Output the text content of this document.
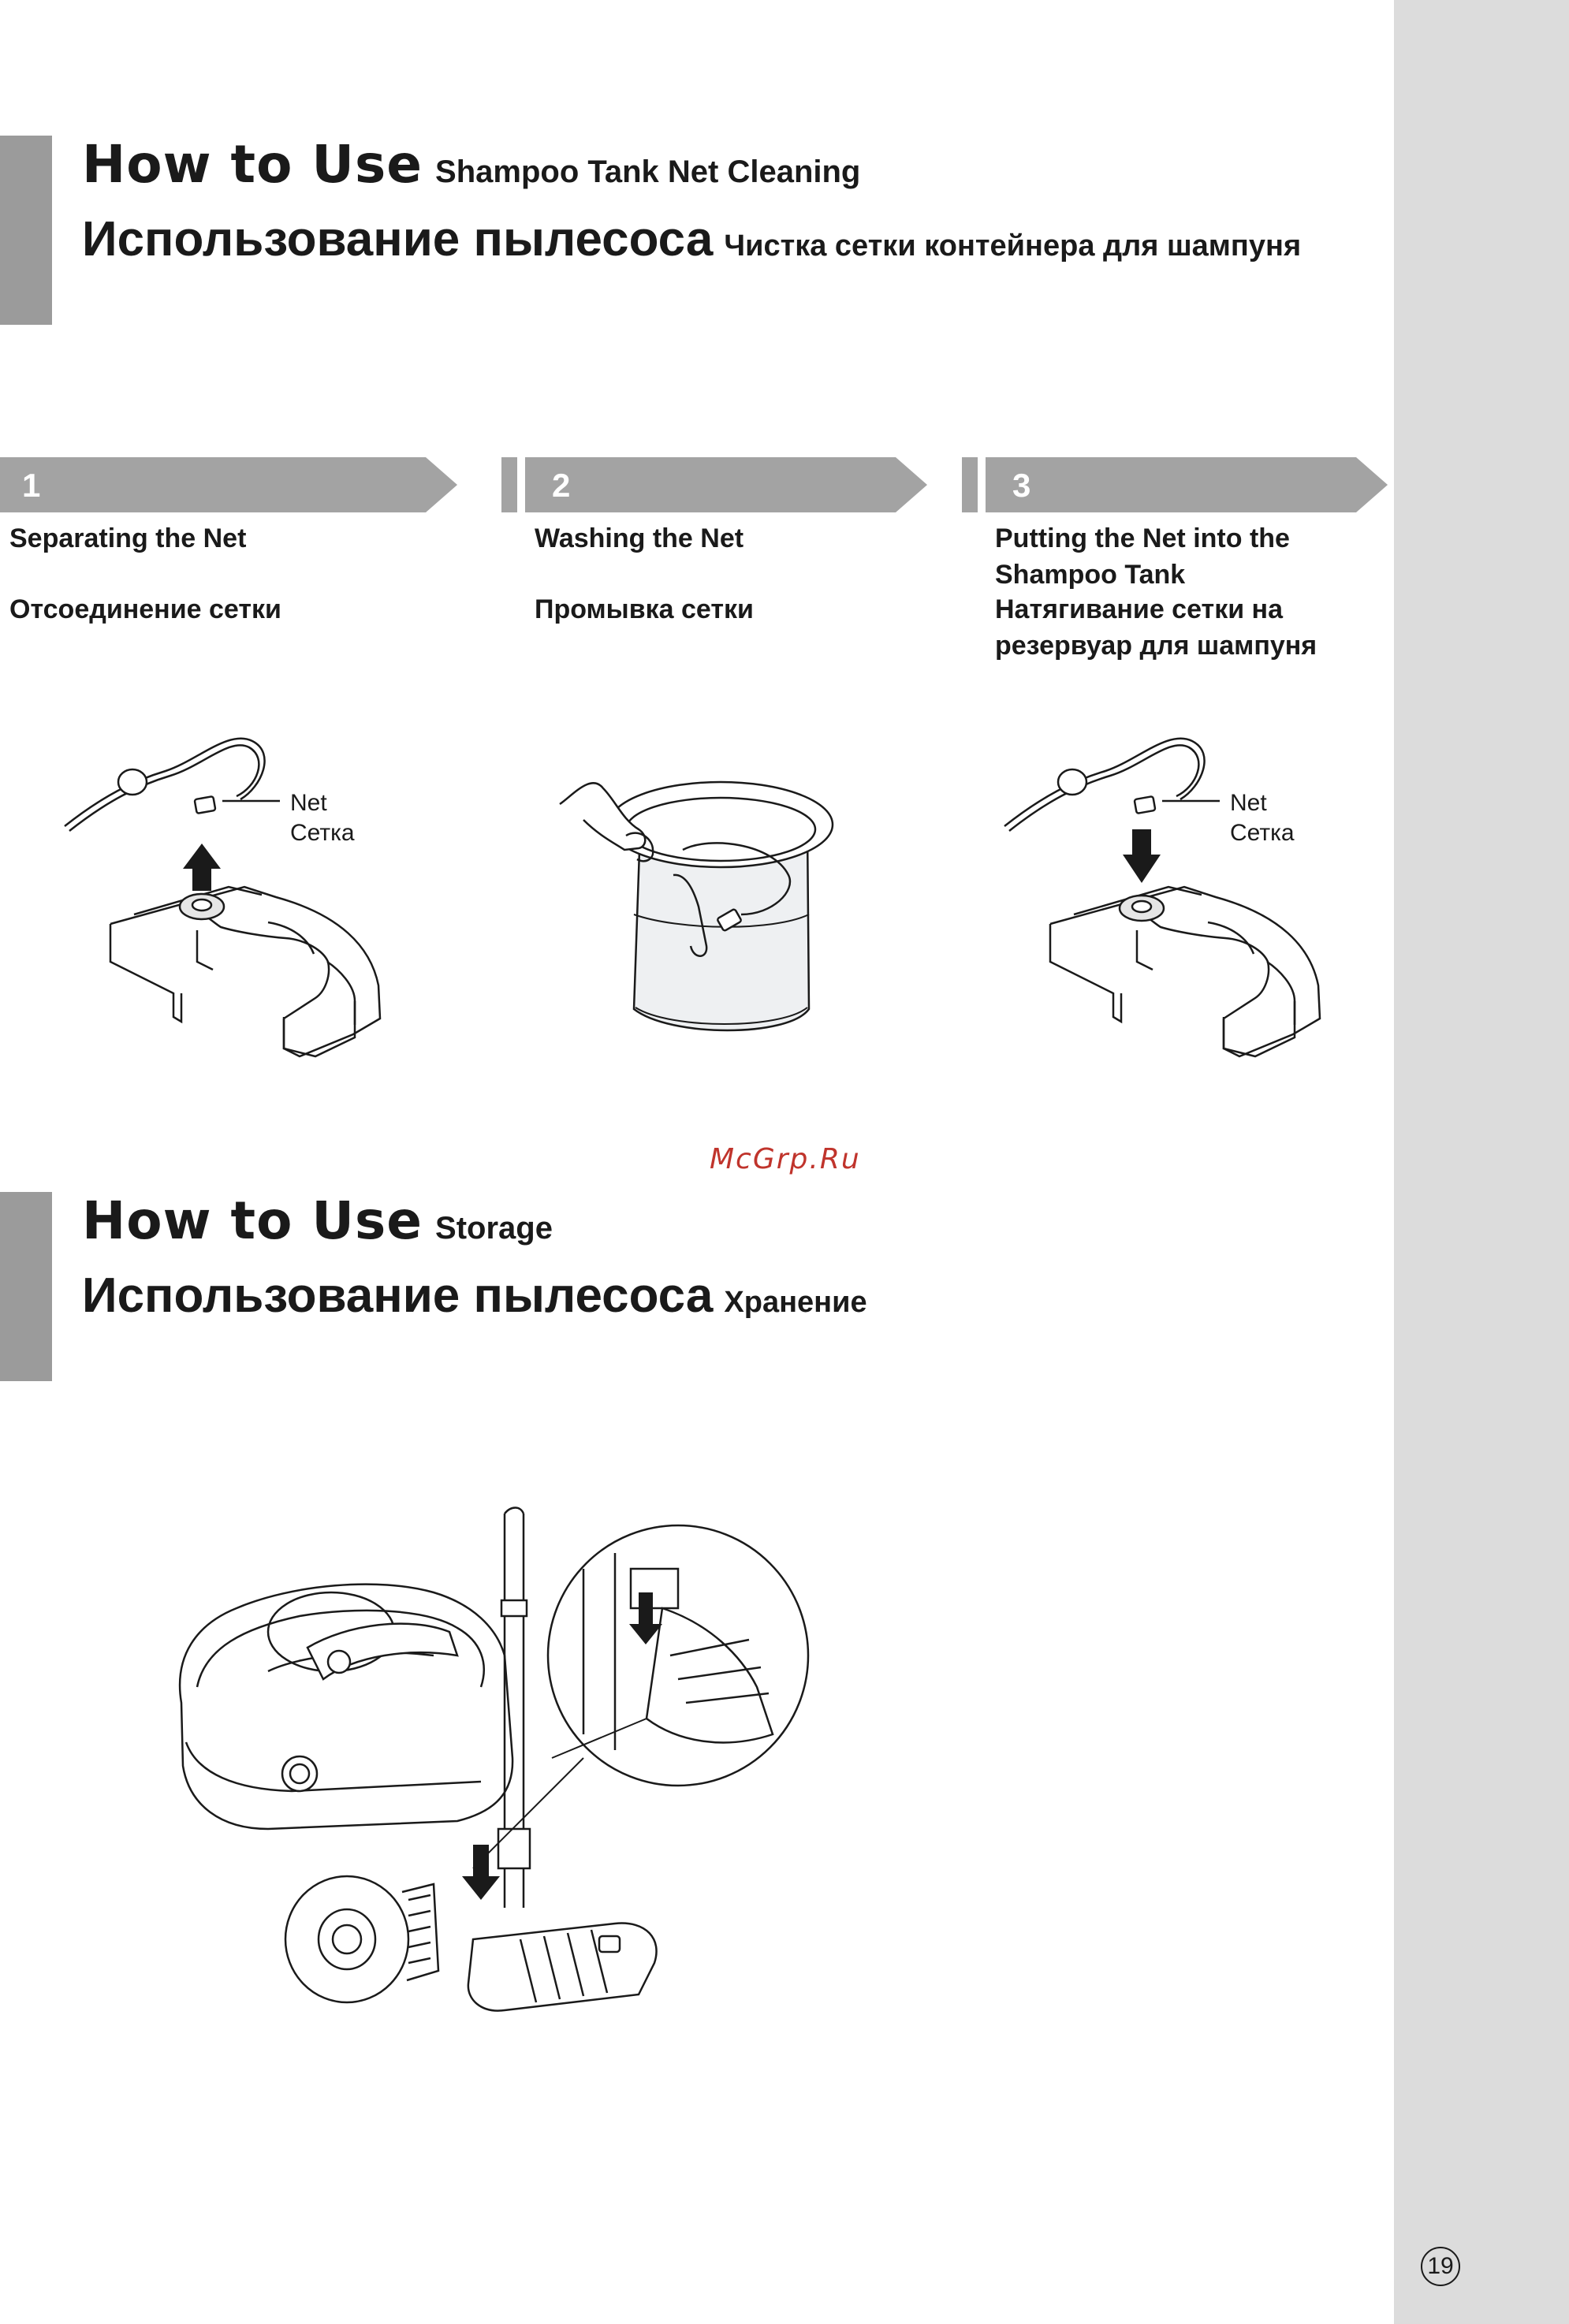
How to Use Shampoo Tank Net Cleaning
Использование пылесоса Чистка сетки контейнера для шампуня
1	2	3
Separating the Net
Отсоединение сетки
Washing the Net
Промывка сетки
Putting the Net into the Shampoo Tank
Натягивание сетки на резервуар для шампуня
Net
Сетка
Net
Сетка
McGrp.Ru
How to Use Storage
Использование пылесоса Хранение
19
